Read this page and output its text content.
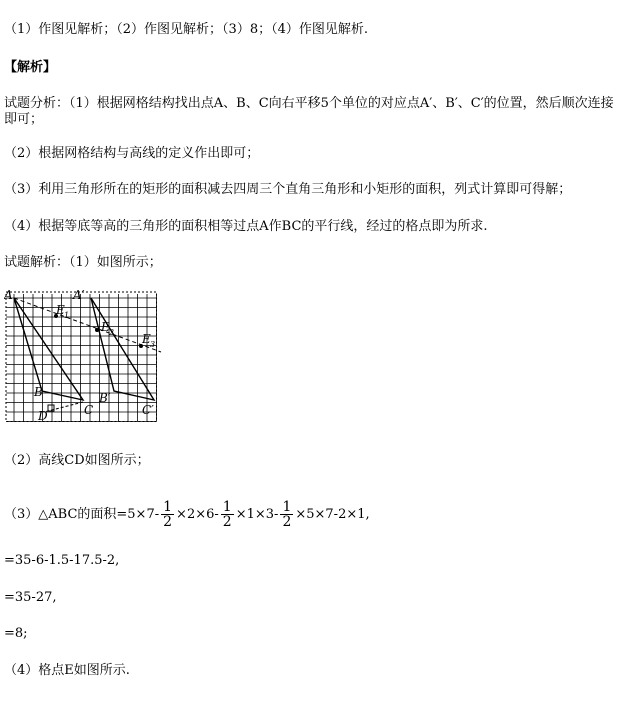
（1）作图见解析；（2）作图见解析；（3）8；（4）作图见解析.
【解析】
试题分析：（1）根据网格结构找出点A、B、C向右平移5个单位的对应点A′、B′、C′的位置，然后顺次连接即可；
（2）根据网格结构与高线的定义作出即可；
（3）利用三角形所在的矩形的面积减去四周三个直角三角形和小矩形的面积，列式计算即可得解；
（4）根据等底等高的三角形的面积相等过点A作BC的平行线，经过的格点即为所求.
试题解析：（1）如图所示；
A
B
C
D
A′
B′
C′
E 1
E 2 E 3
（2）高线CD如图所示；
（3）△ABC的面积$=5\times 7- \frac{1}{2} \times 2\times 6- \frac{1}{2} \times 1\times 3- \frac{1}{2} \times 5\times 7-2\times 1$,
=35-6-1.5-17.5-2,
=35-27,
=8;
（4）格点E如图所示.
